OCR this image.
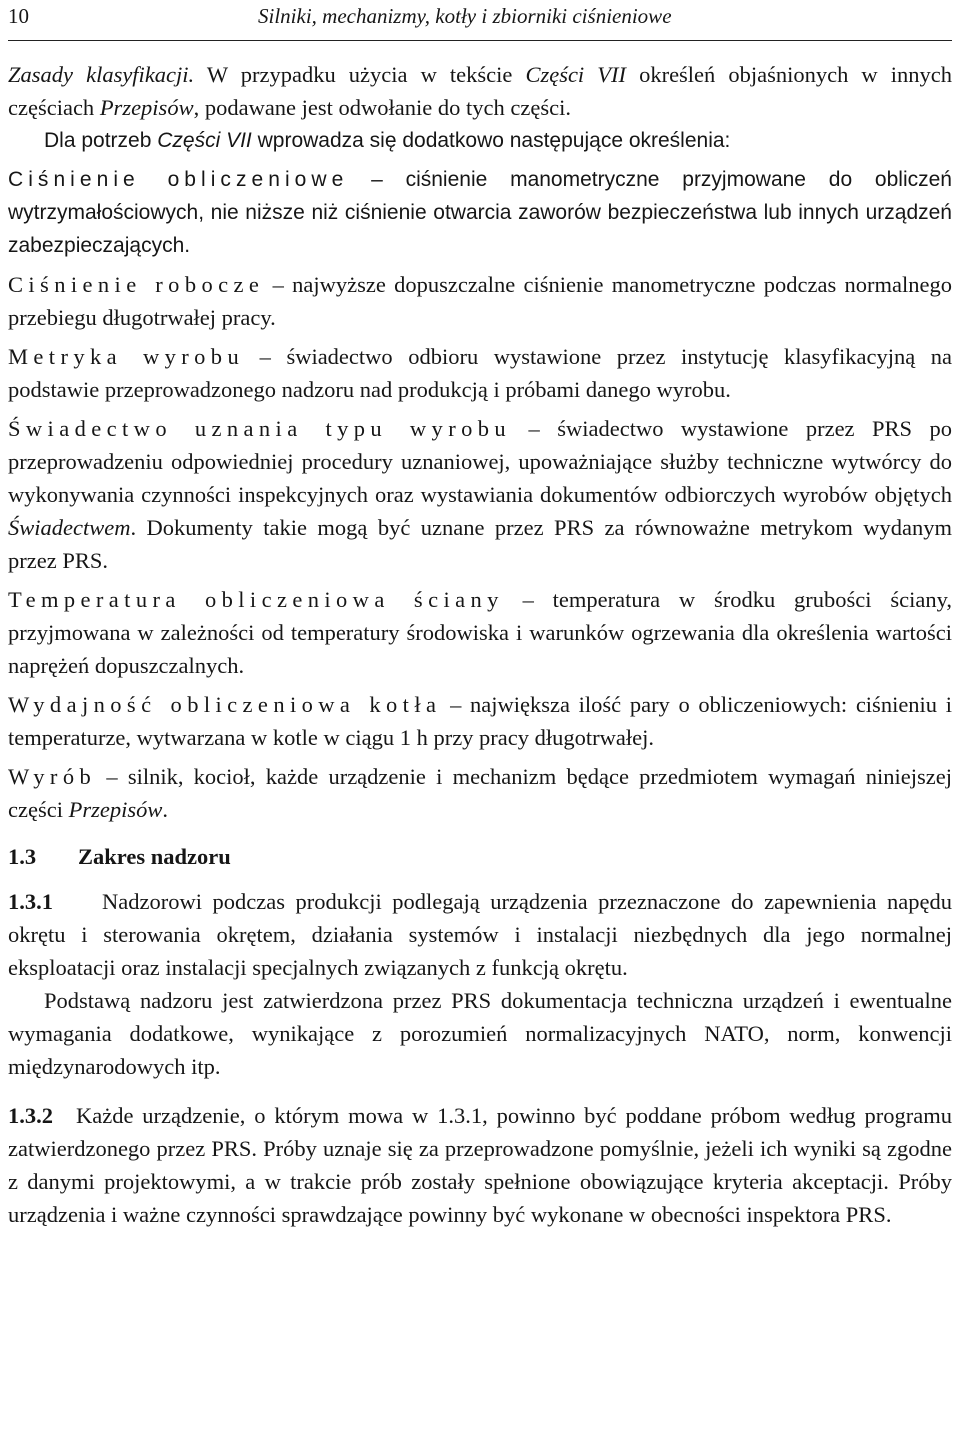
10	Silniki, mechanizmy, kotły i zbiorniki ciśnieniowe

Zasady klasyfikacji. W przypadku użycia w tekście Części VII określeń objaśnionych w innych częściach Przepisów, podawane jest odwołanie do tych części.

Dla potrzeb Części VII wprowadza się dodatkowo następujące określenia:

Ciśnienie obliczeniowe – ciśnienie manometryczne przyjmowane do obliczeń wytrzymałościowych, nie niższe niż ciśnienie otwarcia zaworów bezpieczeństwa lub innych urządzeń zabezpieczających.

Ciśnienie robocze – najwyższe dopuszczalne ciśnienie manometryczne podczas normalnego przebiegu długotrwałej pracy.

Metryka wyrobu – świadectwo odbioru wystawione przez instytucję klasyfikacyjną na podstawie przeprowadzonego nadzoru nad produkcją i próbami danego wyrobu.

Świadectwo uznania typu wyrobu – świadectwo wystawione przez PRS po przeprowadzeniu odpowiedniej procedury uznaniowej, upoważniające służby techniczne wytwórcy do wykonywania czynności inspekcyjnych oraz wystawiania dokumentów odbiorczych wyrobów objętych Świadectwem. Dokumenty takie mogą być uznane przez PRS za równoważne metrykom wydanym przez PRS.

Temperatura obliczeniowa ściany – temperatura w środku grubości ściany, przyjmowana w zależności od temperatury środowiska i warunków ogrzewania dla określenia wartości naprężeń dopuszczalnych.

Wydajność obliczeniowa kotła – największa ilość pary o obliczeniowych: ciśnieniu i temperaturze, wytwarzana w kotle w ciągu 1 h przy pracy długotrwałej.

Wyrób – silnik, kocioł, każde urządzenie i mechanizm będące przedmiotem wymagań niniejszej części Przepisów.

1.3 Zakres nadzoru

1.3.1 Nadzorowi podczas produkcji podlegają urządzenia przeznaczone do zapewnienia napędu okrętu i sterowania okrętem, działania systemów i instalacji niezbędnych dla jego normalnej eksploatacji oraz instalacji specjalnych związanych z funkcją okrętu.

Podstawą nadzoru jest zatwierdzona przez PRS dokumentacja techniczna urządzeń i ewentualne wymagania dodatkowe, wynikające z porozumień normalizacyjnych NATO, norm, konwencji międzynarodowych itp.

1.3.2 Każde urządzenie, o którym mowa w 1.3.1, powinno być poddane próbom według programu zatwierdzonego przez PRS. Próby uznaje się za przeprowadzone pomyślnie, jeżeli ich wyniki są zgodne z danymi projektowymi, a w trakcie prób zostały spełnione obowiązujące kryteria akceptacji. Próby urządzenia i ważne czynności sprawdzające powinny być wykonane w obecności inspektora PRS.
